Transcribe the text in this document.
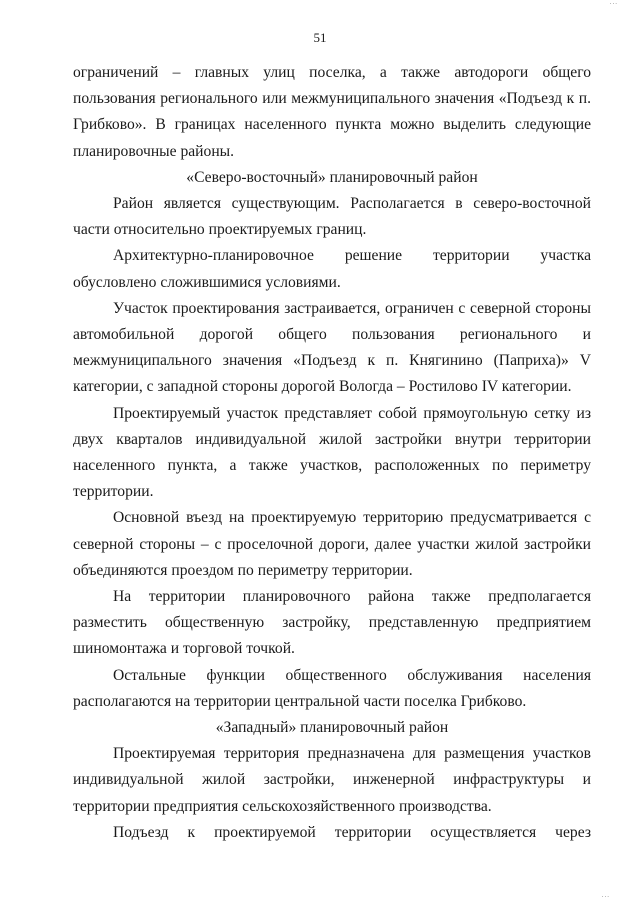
...
51

ограничений – главных улиц поселка, а также автодороги общего пользования регионального или межмуниципального значения «Подъезд к п. Грибково». В границах населенного пункта можно выделить следующие планировочные районы.

«Северо-восточный» планировочный район

Район является существующим. Располагается в северо-восточной части относительно проектируемых границ.

Архитектурно-планировочное решение территории участка обусловлено сложившимися условиями.

Участок проектирования застраивается, ограничен с северной стороны автомобильной дорогой общего пользования регионального и межмуниципального значения «Подъезд к п. Княгинино (Паприха)» V категории, с западной стороны дорогой Вологда – Ростилово IV категории.

Проектируемый участок представляет собой прямоугольную сетку из двух кварталов индивидуальной жилой застройки внутри территории населенного пункта, а также участков, расположенных по периметру территории.

Основной въезд на проектируемую территорию предусматривается с северной стороны – с проселочной дороги, далее участки жилой застройки объединяются проездом по периметру территории.

На территории планировочного района также предполагается разместить общественную застройку, представленную предприятием шиномонтажа и торговой точкой.

Остальные функции общественного обслуживания населения располагаются на территории центральной части поселка Грибково.

«Западный» планировочный район

Проектируемая территория предназначена для размещения участков индивидуальной жилой застройки, инженерной инфраструктуры и территории предприятия сельскохозяйственного производства.

Подъезд к проектируемой территории осуществляется через

...
